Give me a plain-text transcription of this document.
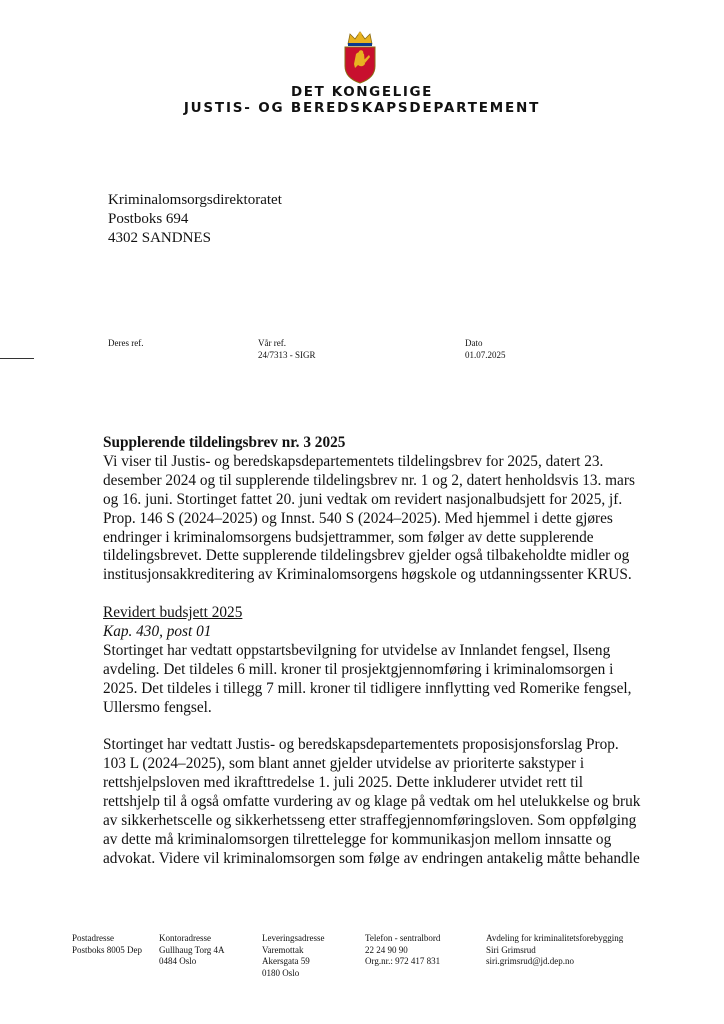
DET KONGELIGE
JUSTIS- OG BEREDSKAPSDEPARTEMENT
Kriminalomsorgsdirektoratet
Postboks 694
4302 SANDNES
Deres ref.	Vår ref.
24/7313 - SIGR
Dato
01.07.2025
Supplerende tildelingsbrev nr. 3 2025
Vi viser til Justis- og beredskapsdepartementets tildelingsbrev for 2025, datert 23.
desember 2024 og til supplerende tildelingsbrev nr. 1 og 2, datert henholdsvis 13. mars
og 16. juni. Stortinget fattet 20. juni vedtak om revidert nasjonalbudsjett for 2025, jf.
Prop. 146 S (2024–2025) og Innst. 540 S (2024–2025). Med hjemmel i dette gjøres
endringer i kriminalomsorgens budsjettrammer, som følger av dette supplerende
tildelingsbrevet. Dette supplerende tildelingsbrev gjelder også tilbakeholdte midler og
institusjonsakkreditering av Kriminalomsorgens høgskole og utdanningssenter KRUS.
Revidert budsjett 2025
Kap. 430, post 01
Stortinget har vedtatt oppstartsbevilgning for utvidelse av Innlandet fengsel, Ilseng
avdeling. Det tildeles 6 mill. kroner til prosjektgjennomføring i kriminalomsorgen i
2025. Det tildeles i tillegg 7 mill. kroner til tidligere innflytting ved Romerike fengsel,
Ullersmo fengsel.
Stortinget har vedtatt Justis- og beredskapsdepartementets proposisjonsforslag Prop.
103 L (2024–2025), som blant annet gjelder utvidelse av prioriterte sakstyper i
rettshjelpsloven med ikrafttredelse 1. juli 2025. Dette inkluderer utvidet rett til
rettshjelp til å også omfatte vurdering av og klage på vedtak om hel utelukkelse og bruk
av sikkerhetscelle og sikkerhetsseng etter straffegjennomføringsloven. Som oppfølging
av dette må kriminalomsorgen tilrettelegge for kommunikasjon mellom innsatte og
advokat. Videre vil kriminalomsorgen som følge av endringen antakelig måtte behandle
Postadresse
Postboks 8005 Dep
Kontoradresse
Gullhaug Torg 4A
0484 Oslo
Leveringsadresse
Varemottak
Akersgata 59
0180 Oslo
Telefon - sentralbord
22 24 90 90
Org.nr.: 972 417 831
Avdeling for kriminalitetsforebygging
Siri Grimsrud
siri.grimsrud@jd.dep.no
